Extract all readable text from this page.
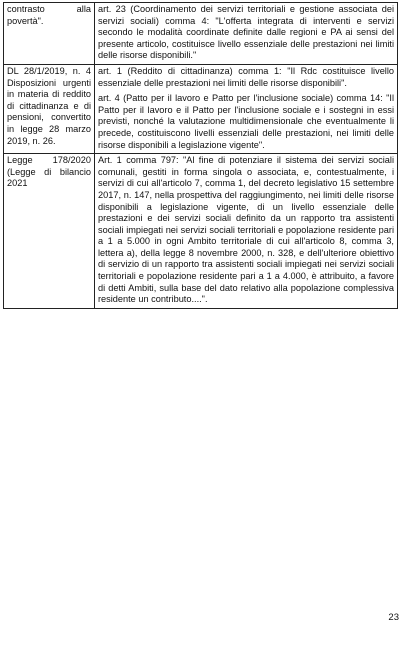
contrasto alla povertà".	art. 23 (Coordinamento dei servizi territoriali e gestione associata dei servizi sociali) comma 4: "L'offerta integrata di interventi e servizi secondo le modalità coordinate definite dalle regioni e PA ai sensi del presente articolo, costituisce livello essenziale delle prestazioni nei limiti delle risorse disponibili."

DL 28/1/2019, n. 4 Disposizioni urgenti in materia di reddito di cittadinanza e di pensioni, convertito in legge 28 marzo 2019, n. 26.	art. 1 (Reddito di cittadinanza) comma 1: "Il Rdc costituisce livello essenziale delle prestazioni nei limiti delle risorse disponibili".

art. 4 (Patto per il lavoro e Patto per l'inclusione sociale) comma 14: "Il Patto per il lavoro e il Patto per l'inclusione sociale e i sostegni in essi previsti, nonché la valutazione multidimensionale che eventualmente li precede, costituiscono livelli essenziali delle prestazioni, nei limiti delle risorse disponibili a legislazione vigente".

Legge 178/2020 (Legge di bilancio 2021	Art. 1 comma 797: "Al fine di potenziare il sistema dei servizi sociali comunali, gestiti in forma singola o associata, e, contestualmente, i servizi di cui all'articolo 7, comma 1, del decreto legislativo 15 settembre 2017, n. 147, nella prospettiva del raggiungimento, nei limiti delle risorse disponibili a legislazione vigente, di un livello essenziale delle prestazioni e dei servizi sociali definito da un rapporto tra assistenti sociali impiegati nei servizi sociali territoriali e popolazione residente pari a 1 a 5.000 in ogni Ambito territoriale di cui all'articolo 8, comma 3, lettera a), della legge 8 novembre 2000, n. 328, e dell'ulteriore obiettivo di servizio di un rapporto tra assistenti sociali impiegati nei servizi sociali territoriali e popolazione residente pari a 1 a 4.000, è attribuito, a favore di detti Ambiti, sulla base del dato relativo alla popolazione complessiva residente un contributo....".

23
